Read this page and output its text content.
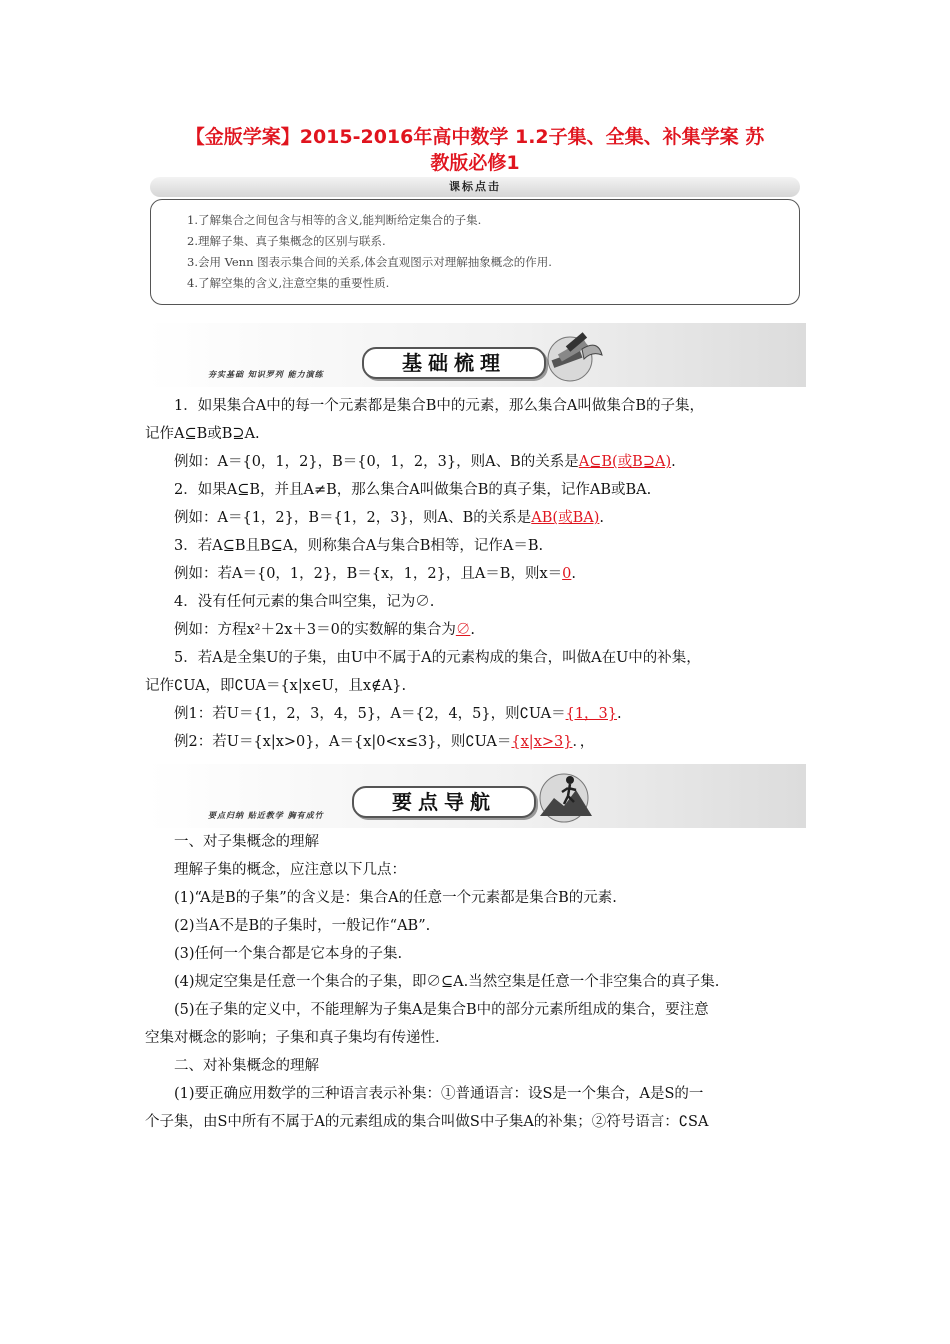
【金版学案】2015-2016年高中数学 1.2子集、全集、补集学案 苏
教版必修1
课标点击
1.了解集合之间包含与相等的含义,能判断给定集合的子集.
2.理解子集、真子集概念的区别与联系.
3.会用 Venn 图表示集合间的关系,体会直观图示对理解抽象概念的作用.
4.了解空集的含义,注意空集的重要性质.
夯实基础 知识罗列 能力演练	基础梳理

1．如果集合A中的每一个元素都是集合B中的元素，那么集合A叫做集合B的子集，

记作A⊆B或B⊇A.

例如：A＝{0，1，2}，B＝{0，1，2，3}，则A、B的关系是A⊆B(或B⊇A).

2．如果A⊆B，并且A≠B，那么集合A叫做集合B的真子集，记作AB或BA.

例如：A＝{1，2}，B＝{1，2，3}，则A、B的关系是AB(或BA).

3．若A⊆B且B⊆A，则称集合A与集合B相等，记作A＝B.

例如：若A＝{0，1，2}，B＝{x，1，2}，且A＝B，则x＝0.

4．没有任何元素的集合叫空集，记为∅.

例如：方程x²＋2x＋3＝0的实数解的集合为∅.

5．若A是全集U的子集，由U中不属于A的元素构成的集合，叫做A在U中的补集，

记作∁UA，即∁UA＝{x|x∈U，且x∉A}.

例1：若U＝{1，2，3，4，5}，A＝{2，4，5}，则∁UA＝{1，3}.

例2：若U＝{x|x>0}，A＝{x|0<x≤3}，则∁UA＝{x|x>3}．，

要点归纳 贴近教学 胸有成竹
要点导航

一、对子集概念的理解

理解子集的概念，应注意以下几点：

(1)“A是B的子集”的含义是：集合A的任意一个元素都是集合B的元素.

(2)当A不是B的子集时，一般记作“AB”.

(3)任何一个集合都是它本身的子集.

(4)规定空集是任意一个集合的子集，即∅⊆A.当然空集是任意一个非空集合的真子集.

(5)在子集的定义中，不能理解为子集A是集合B中的部分元素所组成的集合，要注意

空集对概念的影响；子集和真子集均有传递性.

二、对补集概念的理解

(1)要正确应用数学的三种语言表示补集：①普通语言：设S是一个集合，A是S的一

个子集，由S中所有不属于A的元素组成的集合叫做S中子集A的补集；②符号语言：∁SA
